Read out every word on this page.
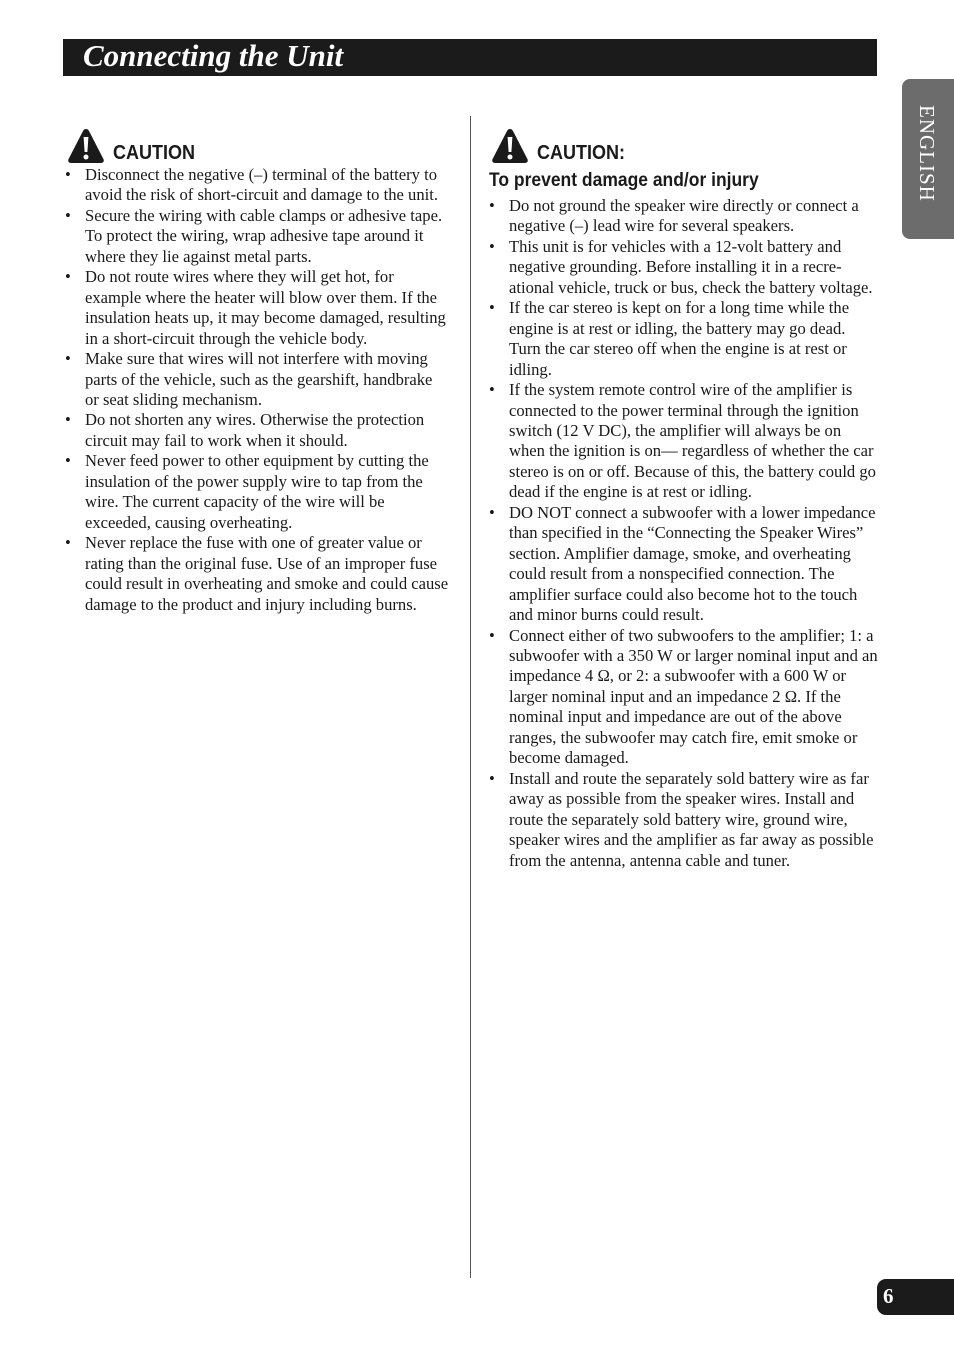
Connecting the Unit
ENGLISH
CAUTION
• Disconnect the negative (–) terminal of the battery to avoid the risk of short-circuit and damage to the unit.
• Secure the wiring with cable clamps or adhesive tape. To protect the wiring, wrap adhesive tape around it where they lie against metal parts.
• Do not route wires where they will get hot, for example where the heater will blow over them. If the insulation heats up, it may become damaged, resulting in a short-circuit through the vehicle body.
• Make sure that wires will not interfere with moving parts of the vehicle, such as the gearshift, handbrake or seat sliding mechanism.
• Do not shorten any wires. Otherwise the protection circuit may fail to work when it should.
• Never feed power to other equipment by cutting the insulation of the power supply wire to tap from the wire. The current capacity of the wire will be exceeded, causing overheating.
• Never replace the fuse with one of greater value or rating than the original fuse. Use of an improper fuse could result in overheating and smoke and could cause damage to the product and injury including burns.
CAUTION:
To prevent damage and/or injury
• Do not ground the speaker wire directly or connect a negative (–) lead wire for several speakers.
• This unit is for vehicles with a 12-volt battery and negative grounding. Before installing it in a recreational vehicle, truck or bus, check the battery voltage.
• If the car stereo is kept on for a long time while the engine is at rest or idling, the battery may go dead. Turn the car stereo off when the engine is at rest or idling.
• If the system remote control wire of the amplifier is connected to the power terminal through the ignition switch (12 V DC), the amplifier will always be on when the ignition is on— regardless of whether the car stereo is on or off. Because of this, the battery could go dead if the engine is at rest or idling.
• DO NOT connect a subwoofer with a lower impedance than specified in the “Connecting the Speaker Wires” section. Amplifier damage, smoke, and overheating could result from a nonspecified connection. The amplifier surface could also become hot to the touch and minor burns could result.
• Connect either of two subwoofers to the amplifier; 1: a subwoofer with a 350 W or larger nominal input and an impedance 4 Ω, or 2: a subwoofer with a 600 W or larger nominal input and an impedance 2 Ω. If the nominal input and impedance are out of the above ranges, the subwoofer may catch fire, emit smoke or become damaged.
• Install and route the separately sold battery wire as far away as possible from the speaker wires. Install and route the separately sold battery wire, ground wire, speaker wires and the amplifier as far away as possible from the antenna, antenna cable and tuner.
6
